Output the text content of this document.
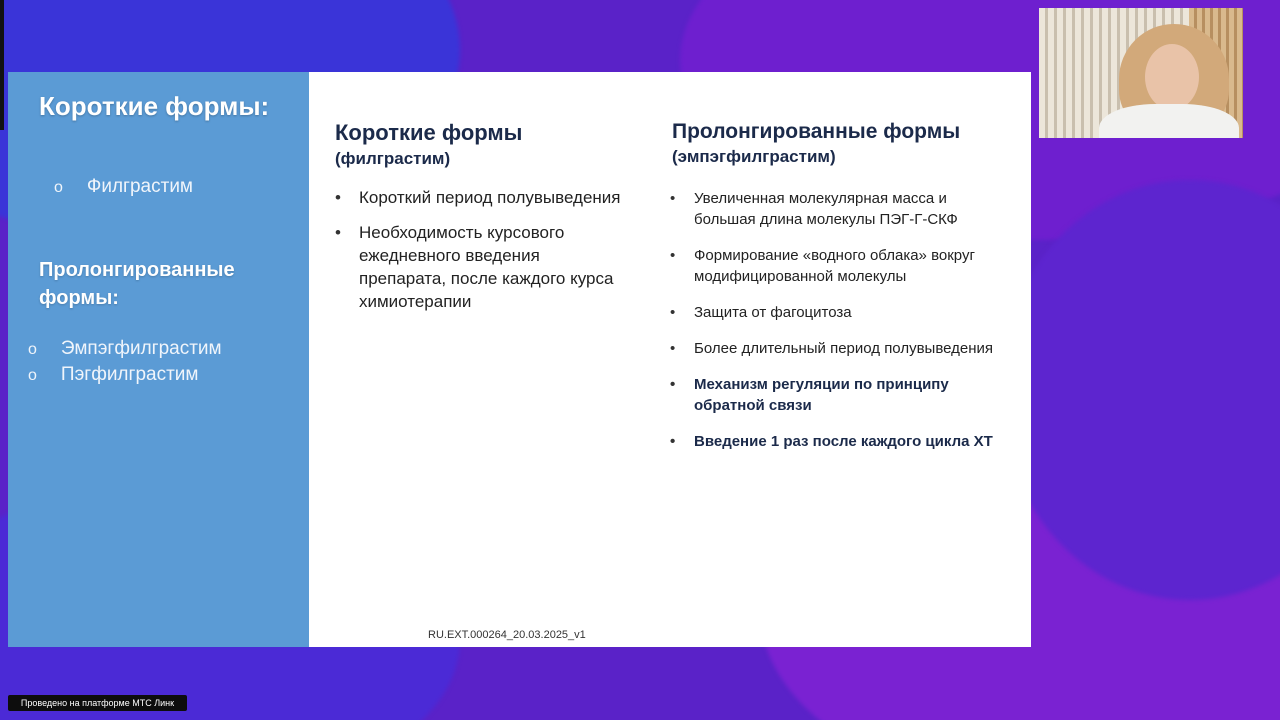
Короткие формы:
o Филграстим
Пролонгированные формы:
o Эмпэгфилграстим
o Пэгфилграстим
Короткие формы
(филграстим)
• Короткий период полувыведения
• Необходимость курсового ежедневного введения препарата, после каждого курса химиотерапии
Пролонгированные формы
(эмпэгфилграстим)
• Увеличенная молекулярная масса и большая длина молекулы ПЭГ-Г-СКФ
• Формирование «водного облака» вокруг модифицированной молекулы
• Защита от фагоцитоза
• Более длительный период полувыведения
• Механизм регуляции по принципу обратной связи
• Введение 1 раз после каждого цикла ХТ
RU.EXT.000264_20.03.2025_v1
Проведено на платформе МТС Линк
